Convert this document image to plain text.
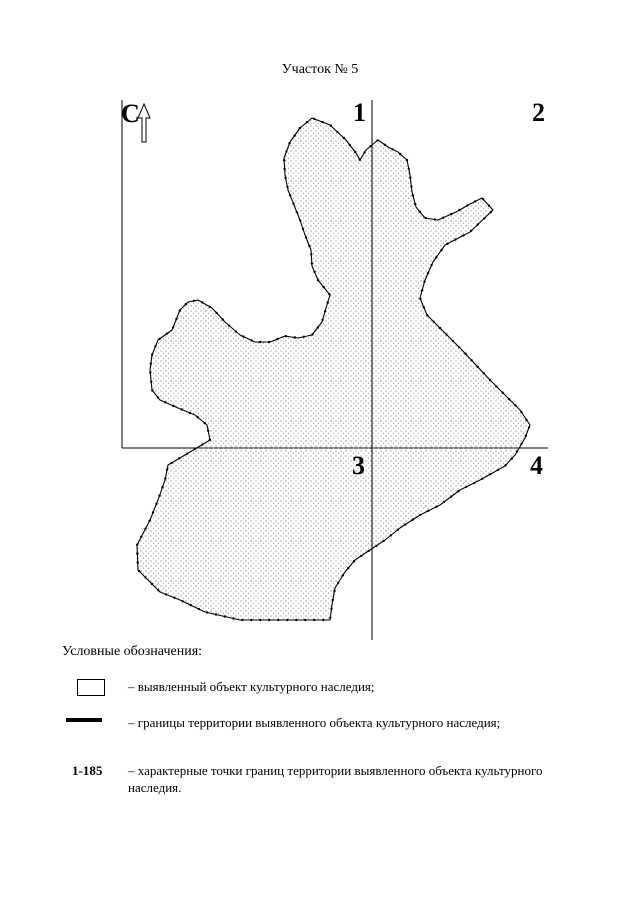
Участок № 5
С	1	2
3	4
Условные обозначения:
– выявленный объект культурного наследия;
– границы территории выявленного объекта культурного наследия;
1-185 – характерные точки границ территории выявленного объекта культурного наследия.
